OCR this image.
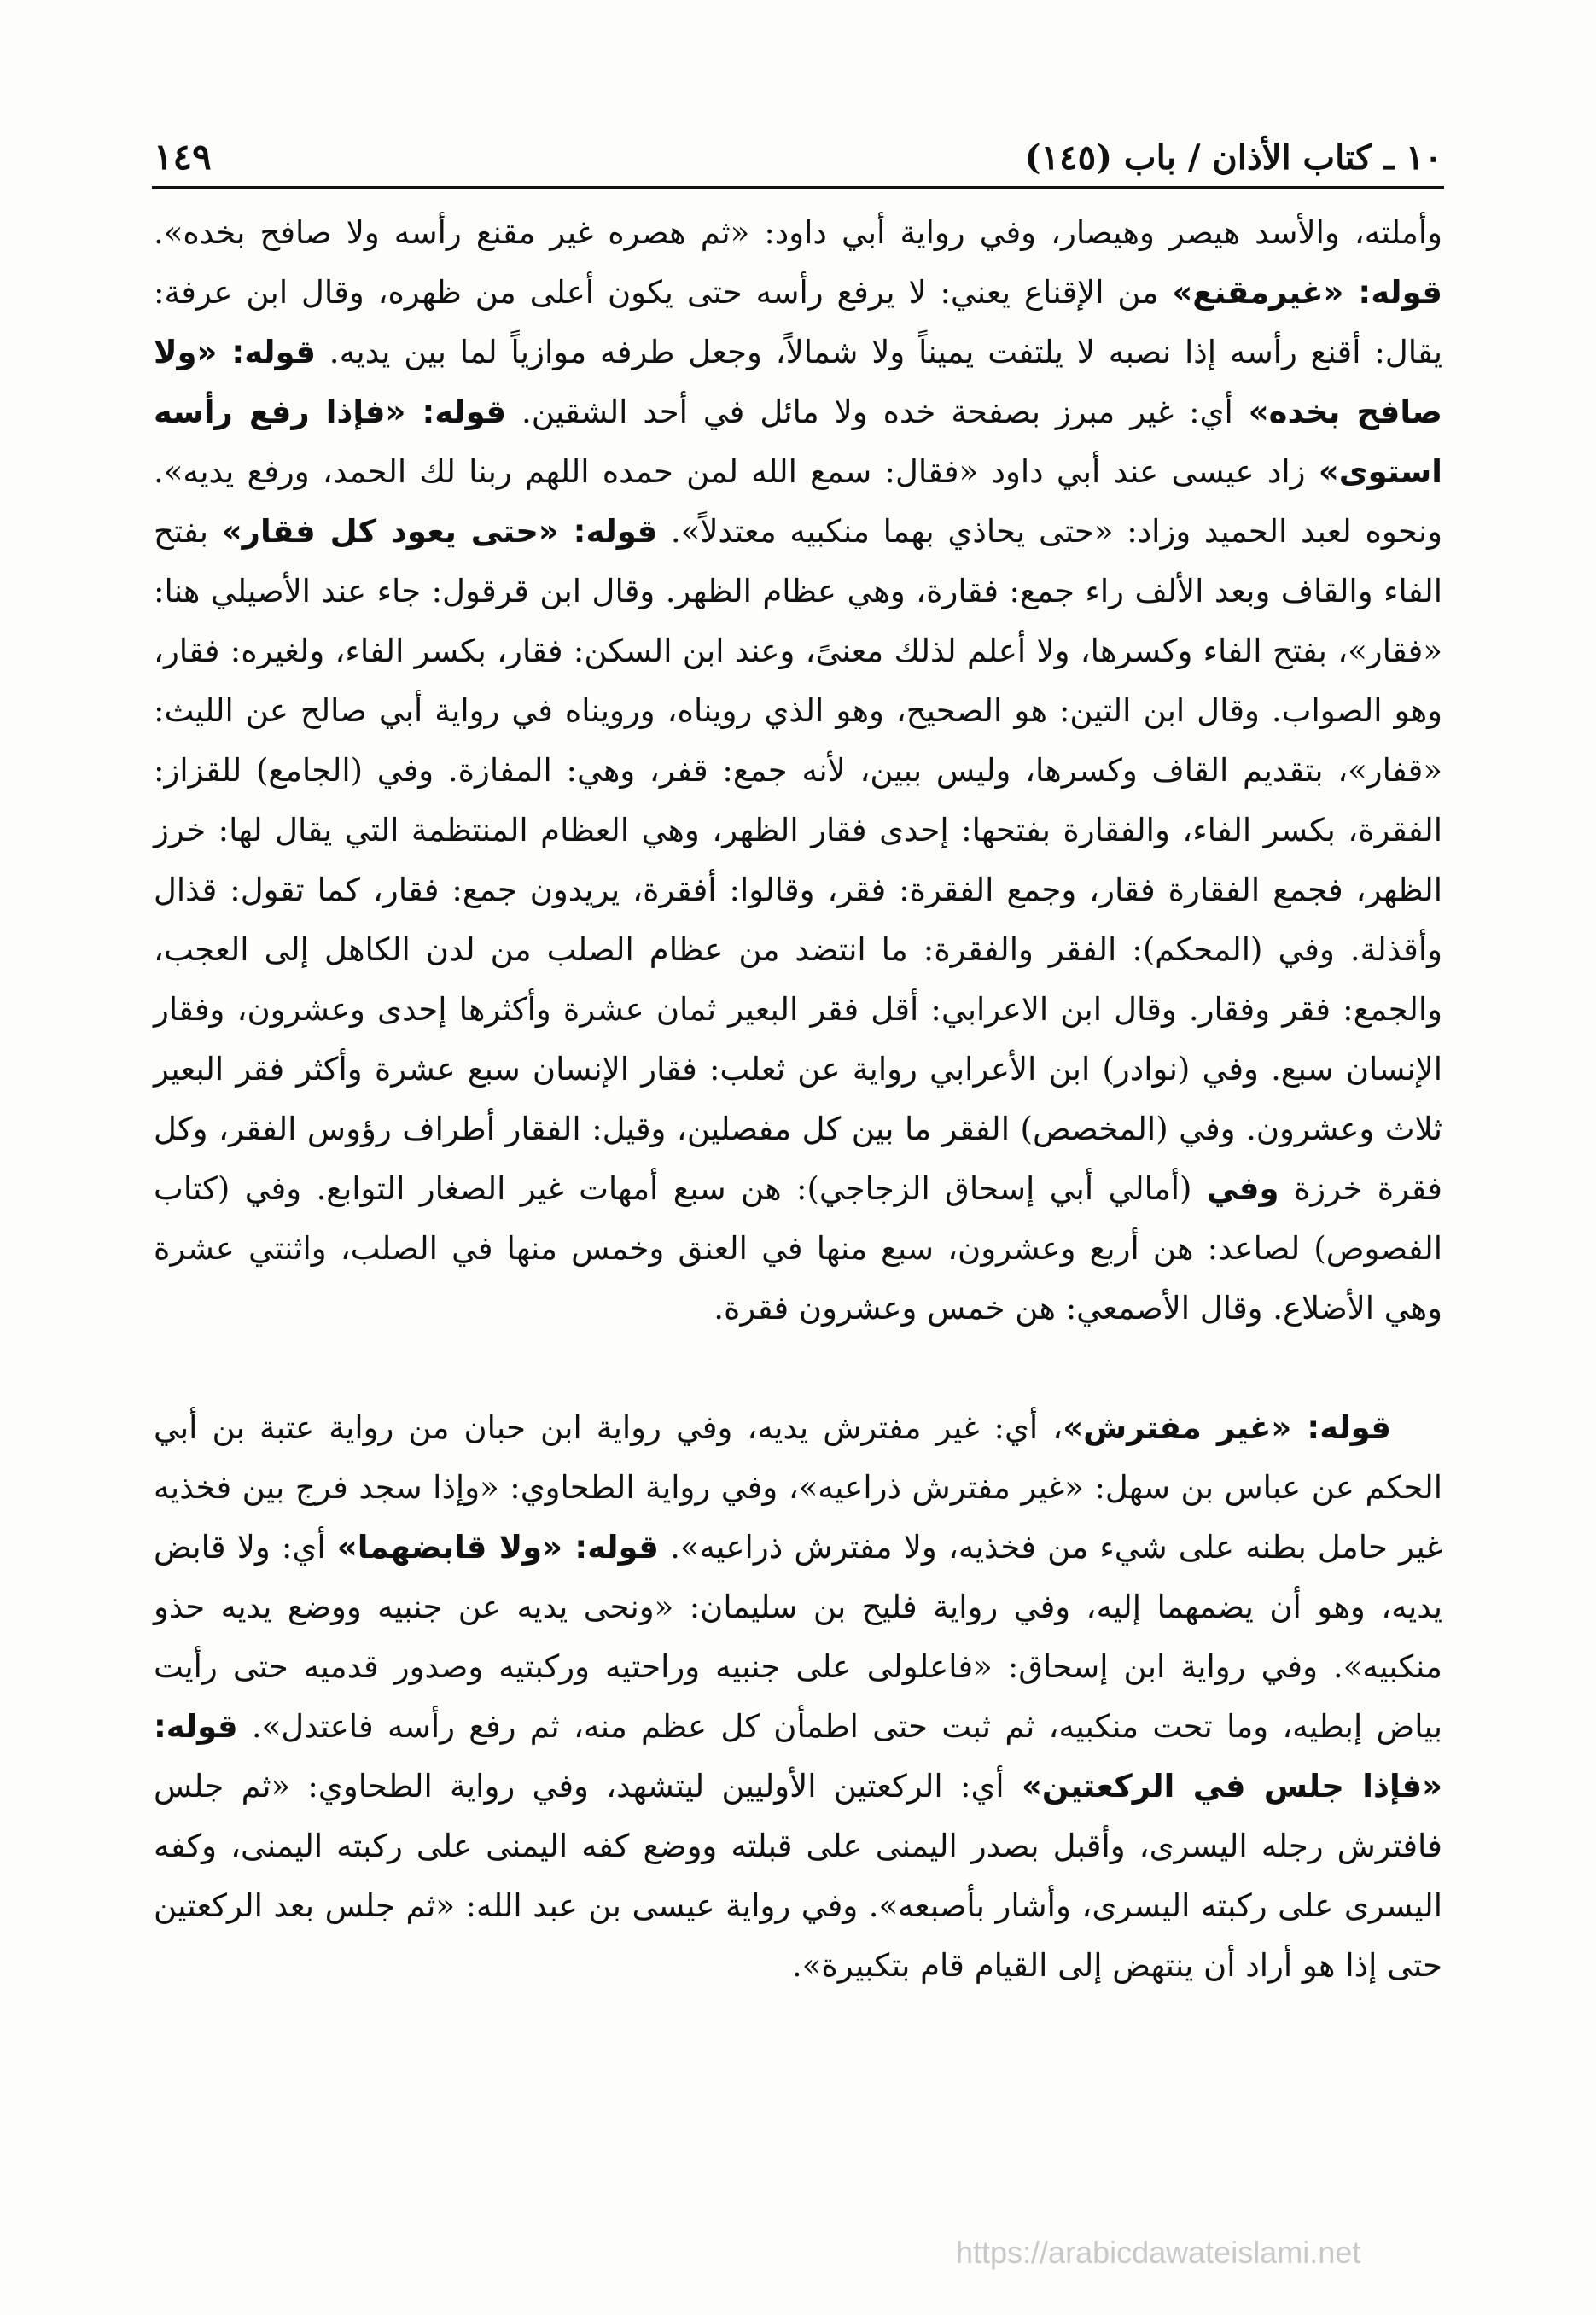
١٠ ـ كتاب الأذان / باب (١٤٥)
١٤٩

وأملته، والأسد هيصر وهيصار، وفي رواية أبي داود: «ثم هصره غير مقنع رأسه ولا صافح بخده». قوله: «غيرمقنع» من الإقناع يعني: لا يرفع رأسه حتى يكون أعلى من ظهره، وقال ابن عرفة: يقال: أقنع رأسه إذا نصبه لا يلتفت يميناً ولا شمالاً، وجعل طرفه موازياً لما بين يديه. قوله: «ولا صافح بخده» أي: غير مبرز بصفحة خده ولا مائل في أحد الشقين. قوله: «فإذا رفع رأسه استوى» زاد عيسى عند أبي داود «فقال: سمع الله لمن حمده اللهم ربنا لك الحمد، ورفع يديه». ونحوه لعبد الحميد وزاد: «حتى يحاذي بهما منكبيه معتدلاً». قوله: «حتى يعود كل فقار» بفتح الفاء والقاف وبعد الألف راء جمع: فقارة، وهي عظام الظهر. وقال ابن قرقول: جاء عند الأصيلي هنا: «فقار»، بفتح الفاء وكسرها، ولا أعلم لذلك معنىً، وعند ابن السكن: فقار، بكسر الفاء، ولغيره: فقار، وهو الصواب. وقال ابن التين: هو الصحيح، وهو الذي رويناه، ورويناه في رواية أبي صالح عن الليث: «قفار»، بتقديم القاف وكسرها، وليس ببين، لأنه جمع: قفر، وهي: المفازة. وفي (الجامع) للقزاز: الفقرة، بكسر الفاء، والفقارة بفتحها: إحدى فقار الظهر، وهي العظام المنتظمة التي يقال لها: خرز الظهر، فجمع الفقارة فقار، وجمع الفقرة: فقر، وقالوا: أفقرة، يريدون جمع: فقار، كما تقول: قذال وأقذلة. وفي (المحكم): الفقر والفقرة: ما انتضد من عظام الصلب من لدن الكاهل إلى العجب، والجمع: فقر وفقار. وقال ابن الاعرابي: أقل فقر البعير ثمان عشرة وأكثرها إحدى وعشرون، وفقار الإنسان سبع. وفي (نوادر) ابن الأعرابي رواية عن ثعلب: فقار الإنسان سبع عشرة وأكثر فقر البعير ثلاث وعشرون. وفي (المخصص) الفقر ما بين كل مفصلين، وقيل: الفقار أطراف رؤوس الفقر، وكل فقرة خرزة وفي (أمالي أبي إسحاق الزجاجي): هن سبع أمهات غير الصغار التوابع. وفي (كتاب الفصوص) لصاعد: هن أربع وعشرون، سبع منها في العنق وخمس منها في الصلب، واثنتي عشرة وهي الأضلاع. وقال الأصمعي: هن خمس وعشرون فقرة.

قوله: «غير مفترش»، أي: غير مفترش يديه، وفي رواية ابن حبان من رواية عتبة بن أبي الحكم عن عباس بن سهل: «غير مفترش ذراعيه»، وفي رواية الطحاوي: «وإذا سجد فرج بين فخذيه غير حامل بطنه على شيء من فخذيه، ولا مفترش ذراعيه». قوله: «ولا قابضهما» أي: ولا قابض يديه، وهو أن يضمهما إليه، وفي رواية فليح بن سليمان: «ونحى يديه عن جنبيه ووضع يديه حذو منكبيه». وفي رواية ابن إسحاق: «فاعلولى على جنبيه وراحتيه وركبتيه وصدور قدميه حتى رأيت بياض إبطيه، وما تحت منكبيه، ثم ثبت حتى اطمأن كل عظم منه، ثم رفع رأسه فاعتدل». قوله: «فإذا جلس في الركعتين» أي: الركعتين الأوليين ليتشهد، وفي رواية الطحاوي: «ثم جلس فافترش رجله اليسرى، وأقبل بصدر اليمنى على قبلته ووضع كفه اليمنى على ركبته اليمنى، وكفه اليسرى على ركبته اليسرى، وأشار بأصبعه». وفي رواية عيسى بن عبد الله: «ثم جلس بعد الركعتين حتى إذا هو أراد أن ينتهض إلى القيام قام بتكبيرة».

https://arabicdawateislami.net
